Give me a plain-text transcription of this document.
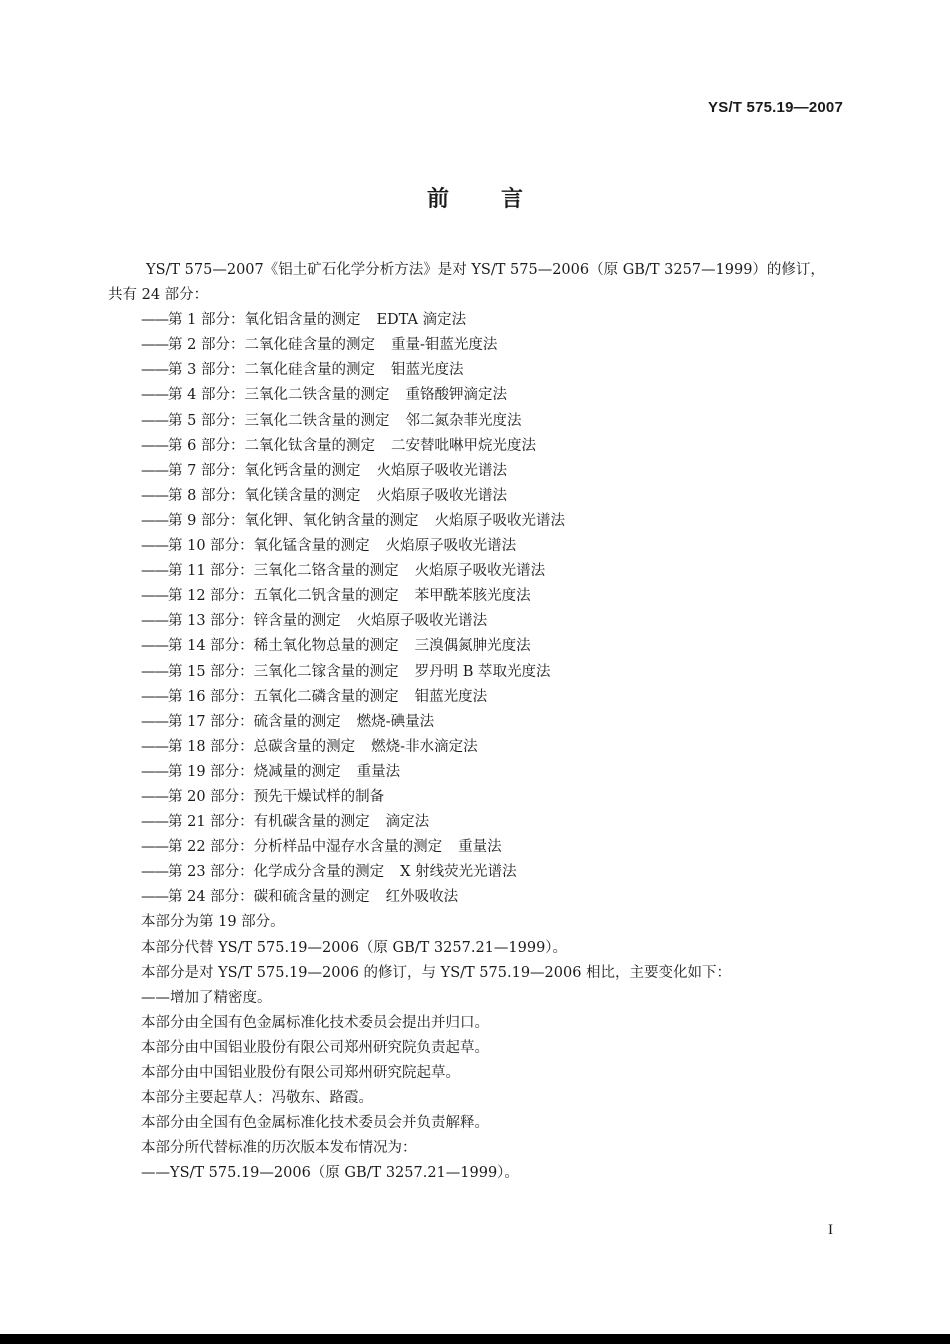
YS/T 575.19—2007
前言
YS/T 575—2007《铝土矿石化学分析方法》是对 YS/T 575—2006（原 GB/T 3257—1999）的修订，
共有 24 部分：
——第 1 部分：氧化铝含量的测定 EDTA 滴定法
——第 2 部分：二氧化硅含量的测定 重量-钼蓝光度法
——第 3 部分：二氧化硅含量的测定 钼蓝光度法
——第 4 部分：三氧化二铁含量的测定 重铬酸钾滴定法
——第 5 部分：三氧化二铁含量的测定 邻二氮杂菲光度法
——第 6 部分：二氧化钛含量的测定 二安替吡啉甲烷光度法
——第 7 部分：氧化钙含量的测定 火焰原子吸收光谱法
——第 8 部分：氧化镁含量的测定 火焰原子吸收光谱法
——第 9 部分：氧化钾、氧化钠含量的测定 火焰原子吸收光谱法
——第 10 部分：氧化锰含量的测定 火焰原子吸收光谱法
——第 11 部分：三氧化二铬含量的测定 火焰原子吸收光谱法
——第 12 部分：五氧化二钒含量的测定 苯甲酰苯胲光度法
——第 13 部分：锌含量的测定 火焰原子吸收光谱法
——第 14 部分：稀土氧化物总量的测定 三溴偶氮胂光度法
——第 15 部分：三氧化二镓含量的测定 罗丹明 B 萃取光度法
——第 16 部分：五氧化二磷含量的测定 钼蓝光度法
——第 17 部分：硫含量的测定 燃烧-碘量法
——第 18 部分：总碳含量的测定 燃烧-非水滴定法
——第 19 部分：烧减量的测定 重量法
——第 20 部分：预先干燥试样的制备
——第 21 部分：有机碳含量的测定 滴定法
——第 22 部分：分析样品中湿存水含量的测定 重量法
——第 23 部分：化学成分含量的测定 X 射线荧光光谱法
——第 24 部分：碳和硫含量的测定 红外吸收法
本部分为第 19 部分。
本部分代替 YS/T 575.19—2006（原 GB/T 3257.21—1999）。
本部分是对 YS/T 575.19—2006 的修订，与 YS/T 575.19—2006 相比，主要变化如下：
——增加了精密度。
本部分由全国有色金属标准化技术委员会提出并归口。
本部分由中国铝业股份有限公司郑州研究院负责起草。
本部分由中国铝业股份有限公司郑州研究院起草。
本部分主要起草人：冯敬东、路霞。
本部分由全国有色金属标准化技术委员会并负责解释。
本部分所代替标准的历次版本发布情况为：
——YS/T 575.19—2006（原 GB/T 3257.21—1999）。
I
